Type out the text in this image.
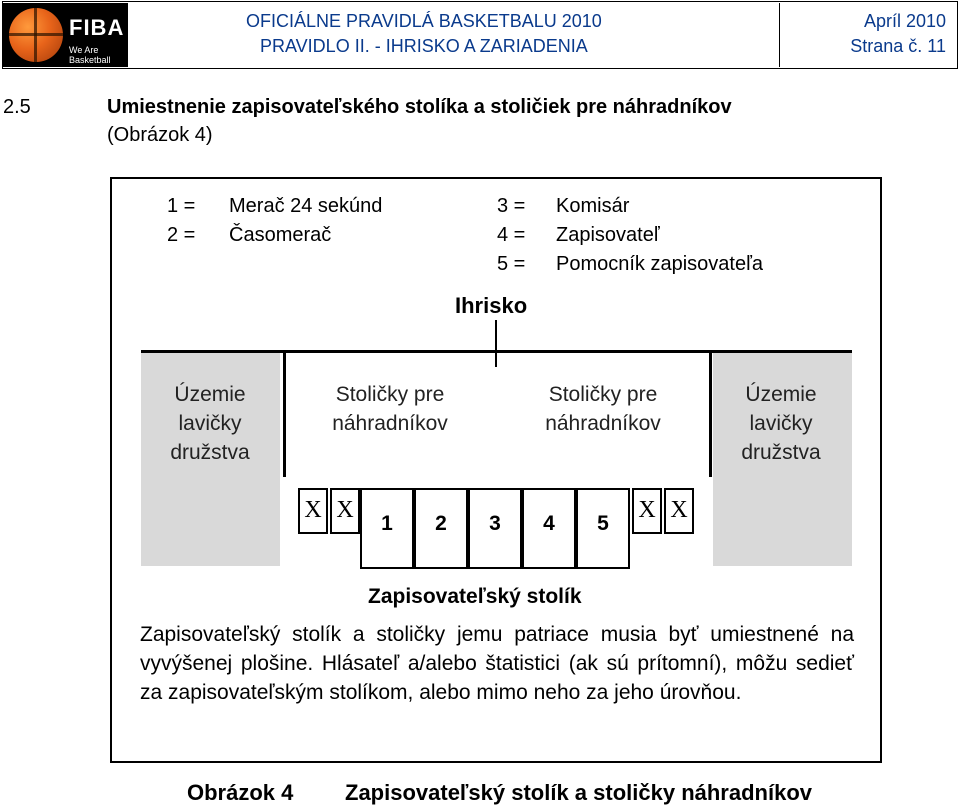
FIBA
We Are Basketball
OFICIÁLNE PRAVIDLÁ BASKETBALU 2010
PRAVIDLO II. - IHRISKO A ZARIADENIA
Apríl 2010
Strana č. 11
2.5	Umiestnenie zapisovateľského stolíka a stoličiek pre náhradníkov
(Obrázok 4)
1 = Merač 24 sekúnd
2 = Časomerač
3 = Komisár
4 = Zapisovateľ
5 = Pomocník zapisovateľa
Ihrisko
Územie
lavičky
družstva
Stoličky pre
náhradníkov
Stoličky pre
náhradníkov
Územie
lavičky
družstva
X X
1	2	3	4	5
X X
Zapisovateľský stolík
Zapisovateľský stolík a stoličky jemu patriace musia byť umiestnené na vyvýšenej plošine. Hlásateľ a/alebo štatistici (ak sú prítomní), môžu sedieť za zapisovateľským stolíkom, alebo mimo neho za jeho úrovňou.
Obrázok 4 Zapisovateľský stolík a stoličky náhradníkov
